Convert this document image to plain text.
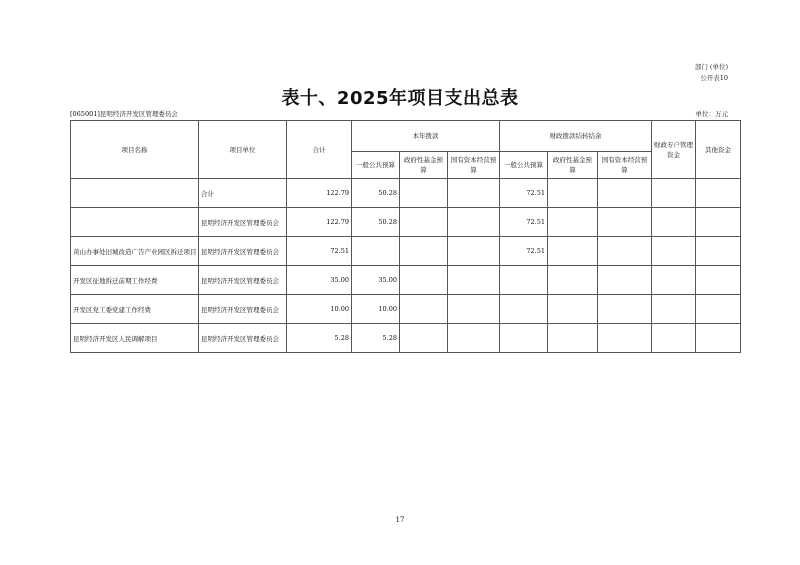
部门 (单位)
公开表10
表十、2025年项目支出总表
[065001]昆明经济开发区管理委员会	单位：万元
项目名称	项目单位	合计	本年拨款			财政拨款结转结余			财政专户管理资金	其他资金
			一般公共预算	政府性基金预算	国有资本经营预算	一般公共预算	政府性基金预算	国有资本经营预算		
	合计	122.79	50.28			72.51				
	昆明经济开发区管理委员会	122.79	50.28			72.51				
黄山办事处旧城改造广告产业园区拆迁项目	昆明经济开发区管理委员会	72.51				72.51				
开发区征地拆迁前期工作经费	昆明经济开发区管理委员会	35.00	35.00							
开发区党工委党建工作经费	昆明经济开发区管理委员会	10.00	10.00							
昆明经济开发区人民调解项目	昆明经济开发区管理委员会	5.28	5.28							
17
